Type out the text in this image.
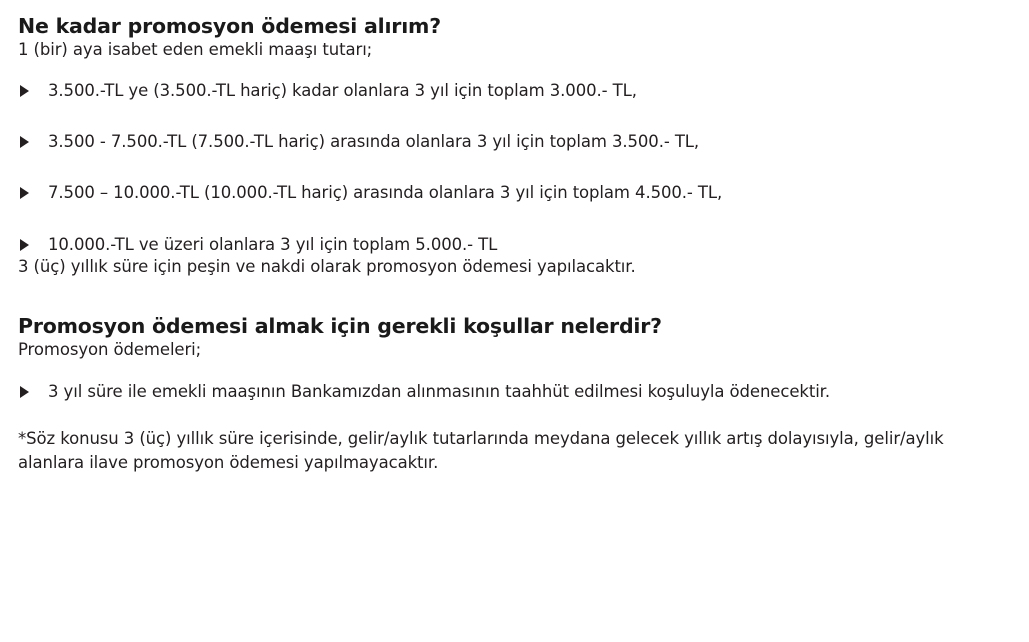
Ne kadar promosyon ödemesi alırım?

1 (bir) aya isabet eden emekli maaşı tutarı;

3.500.-TL ye (3.500.-TL hariç) kadar olanlara 3 yıl için toplam 3.000.- TL,
3.500 - 7.500.-TL (7.500.-TL hariç) arasında olanlara 3 yıl için toplam 3.500.- TL,
7.500 – 10.000.-TL (10.000.-TL hariç) arasında olanlara 3 yıl için toplam 4.500.- TL,
10.000.-TL ve üzeri olanlara 3 yıl için toplam 5.000.- TL

3 (üç) yıllık süre için peşin ve nakdi olarak promosyon ödemesi yapılacaktır.

Promosyon ödemesi almak için gerekli koşullar nelerdir?

Promosyon ödemeleri;

3 yıl süre ile emekli maaşının Bankamızdan alınmasının taahhüt edilmesi koşuluyla ödenecektir.

*Söz konusu 3 (üç) yıllık süre içerisinde, gelir/aylık tutarlarında meydana gelecek yıllık artış dolayısıyla, gelir/aylık alanlara ilave promosyon ödemesi yapılmayacaktır.
